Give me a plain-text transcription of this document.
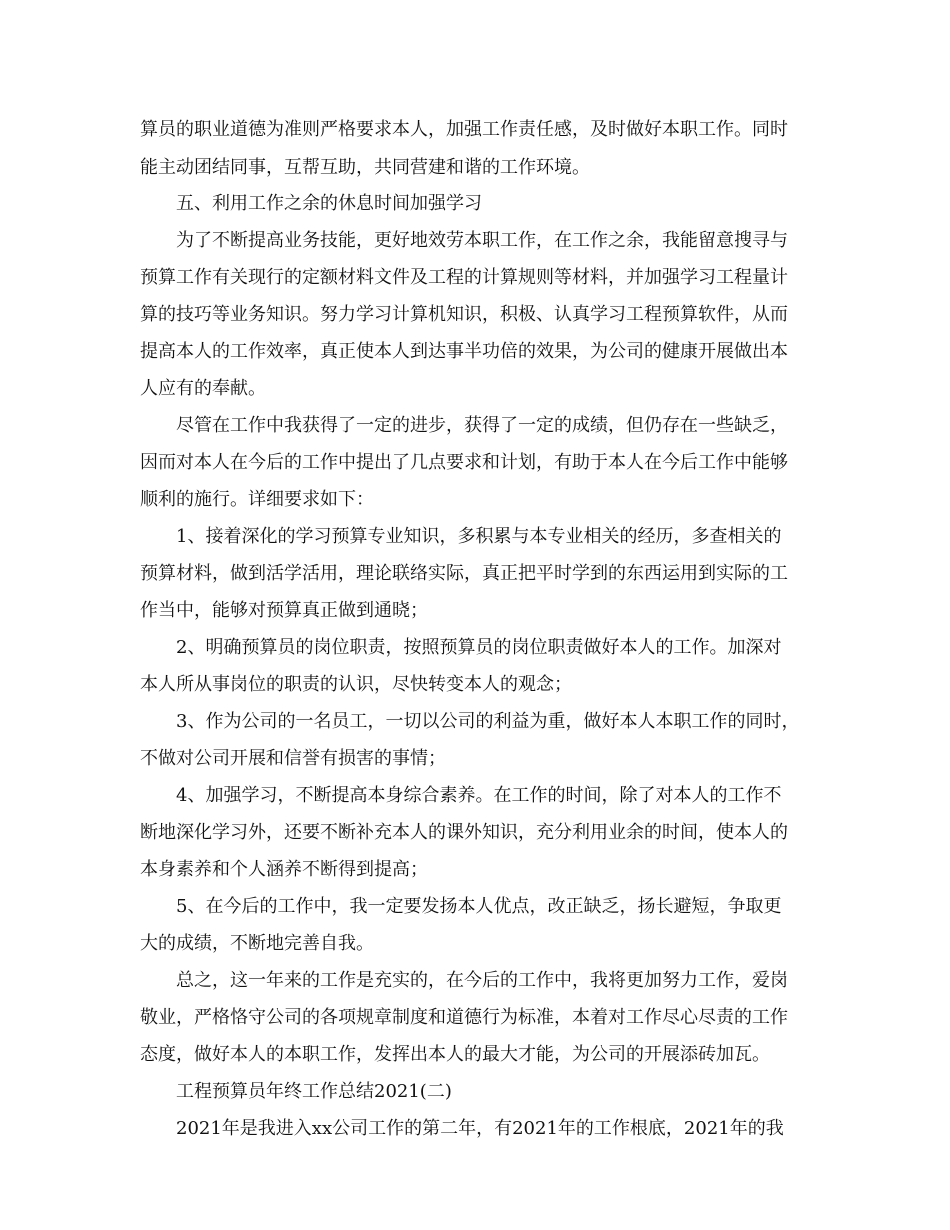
算员的职业道德为准则严格要求本人，加强工作责任感，及时做好本职工作。同时
能主动团结同事，互帮互助，共同营建和谐的工作环境。
五、利用工作之余的休息时间加强学习
为了不断提高业务技能，更好地效劳本职工作，在工作之余，我能留意搜寻与
预算工作有关现行的定额材料文件及工程的计算规则等材料，并加强学习工程量计
算的技巧等业务知识。努力学习计算机知识，积极、认真学习工程预算软件，从而
提高本人的工作效率，真正使本人到达事半功倍的效果，为公司的健康开展做出本
人应有的奉献。
尽管在工作中我获得了一定的进步，获得了一定的成绩，但仍存在一些缺乏，
因而对本人在今后的工作中提出了几点要求和计划，有助于本人在今后工作中能够
顺利的施行。详细要求如下：
1、接着深化的学习预算专业知识，多积累与本专业相关的经历，多查相关的
预算材料，做到活学活用，理论联络实际，真正把平时学到的东西运用到实际的工
作当中，能够对预算真正做到通晓；
2、明确预算员的岗位职责，按照预算员的岗位职责做好本人的工作。加深对
本人所从事岗位的职责的认识，尽快转变本人的观念；
3、作为公司的一名员工，一切以公司的利益为重，做好本人本职工作的同时，
不做对公司开展和信誉有损害的事情；
4、加强学习，不断提高本身综合素养。在工作的时间，除了对本人的工作不
断地深化学习外，还要不断补充本人的课外知识，充分利用业余的时间，使本人的
本身素养和个人涵养不断得到提高；
5、在今后的工作中，我一定要发扬本人优点，改正缺乏，扬长避短，争取更
大的成绩，不断地完善自我。
总之，这一年来的工作是充实的，在今后的工作中，我将更加努力工作，爱岗
敬业，严格恪守公司的各项规章制度和道德行为标准，本着对工作尽心尽责的工作
态度，做好本人的本职工作，发挥出本人的最大才能，为公司的开展添砖加瓦。
工程预算员年终工作总结2021(二)
2021年是我进入xx公司工作的第二年，有2021年的工作根底，2021年的我
